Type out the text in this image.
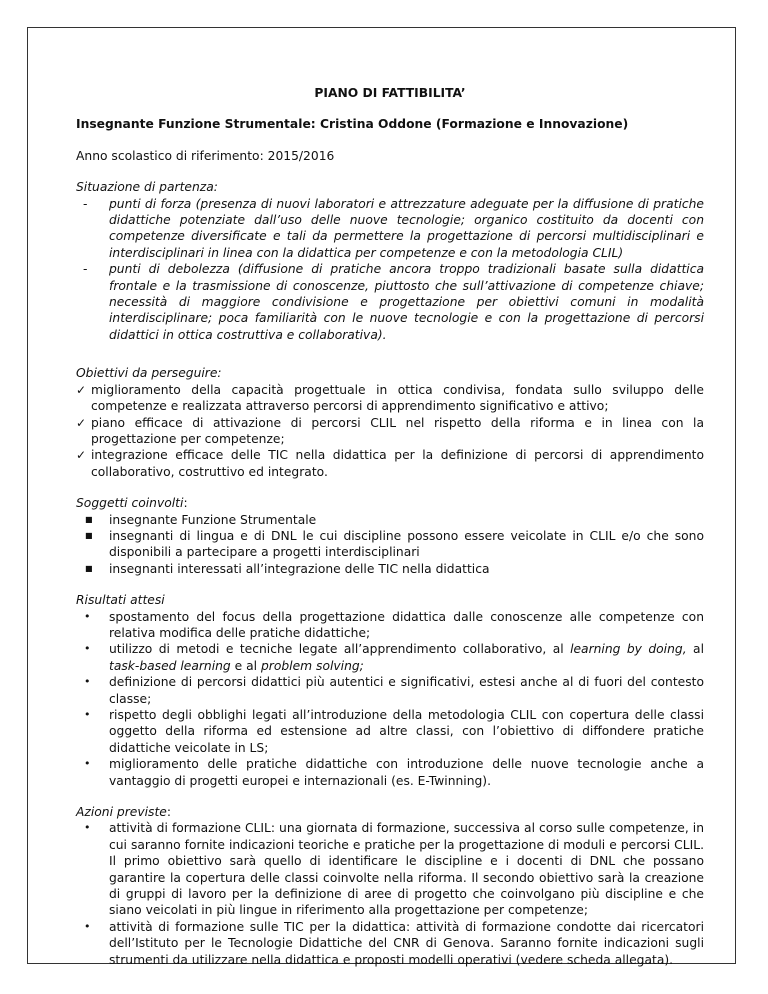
PIANO DI FATTIBILITA’
Insegnante Funzione Strumentale: Cristina Oddone (Formazione e Innovazione)
Anno scolastico di riferimento: 2015/2016
Situazione di partenza:
-	punti di forza (presenza di nuovi laboratori e attrezzature adeguate per la diffusione di pratiche didattiche potenziate dall’uso delle nuove tecnologie; organico costituito da docenti con competenze diversificate e tali da permettere la progettazione di percorsi multidisciplinari e interdisciplinari in linea con la didattica per competenze e con la metodologia CLIL)
-	punti di debolezza (diffusione di pratiche ancora troppo tradizionali basate sulla didattica frontale e la trasmissione di conoscenze, piuttosto che sull’attivazione di competenze chiave; necessità di maggiore condivisione e progettazione per obiettivi comuni in modalità interdisciplinare; poca familiarità con le nuove tecnologie e con la progettazione di percorsi didattici in ottica costruttiva e collaborativa).
Obiettivi da perseguire:
✓ miglioramento della capacità progettuale in ottica condivisa, fondata sullo sviluppo delle competenze e realizzata attraverso percorsi di apprendimento significativo e attivo;
✓ piano efficace di attivazione di percorsi CLIL nel rispetto della riforma e in linea con la progettazione per competenze;
✓ integrazione efficace delle TIC nella didattica per la definizione di percorsi di apprendimento collaborativo, costruttivo ed integrato.
Soggetti coinvolti:
■	insegnante Funzione Strumentale
■	insegnanti di lingua e di DNL le cui discipline possono essere veicolate in CLIL e/o che sono disponibili a partecipare a progetti interdisciplinari
■	insegnanti interessati all’integrazione delle TIC nella didattica
Risultati attesi
•	spostamento del focus della progettazione didattica dalle conoscenze alle competenze con relativa modifica delle pratiche didattiche;
•	utilizzo di metodi e tecniche legate all’apprendimento collaborativo, al learning by doing, al task-based learning e al problem solving;
•	definizione di percorsi didattici più autentici e significativi, estesi anche al di fuori del contesto classe;
•	rispetto degli obblighi legati all’introduzione della metodologia CLIL con copertura delle classi oggetto della riforma ed estensione ad altre classi, con l’obiettivo di diffondere pratiche didattiche veicolate in LS;
•	miglioramento delle pratiche didattiche con introduzione delle nuove tecnologie anche a vantaggio di progetti europei e internazionali (es. E-Twinning).
Azioni previste:
•	attività di formazione CLIL: una giornata di formazione, successiva al corso sulle competenze, in cui saranno fornite indicazioni teoriche e pratiche per la progettazione di moduli e percorsi CLIL. Il primo obiettivo sarà quello di identificare le discipline e i docenti di DNL che possano garantire la copertura delle classi coinvolte nella riforma. Il secondo obiettivo sarà la creazione di gruppi di lavoro per la definizione di aree di progetto che coinvolgano più discipline e che siano veicolati in più lingue in riferimento alla progettazione per competenze;
•	attività di formazione sulle TIC per la didattica: attività di formazione condotte dai ricercatori dell’Istituto per le Tecnologie Didattiche del CNR di Genova. Saranno fornite indicazioni sugli strumenti da utilizzare nella didattica e proposti modelli operativi (vedere scheda allegata).
